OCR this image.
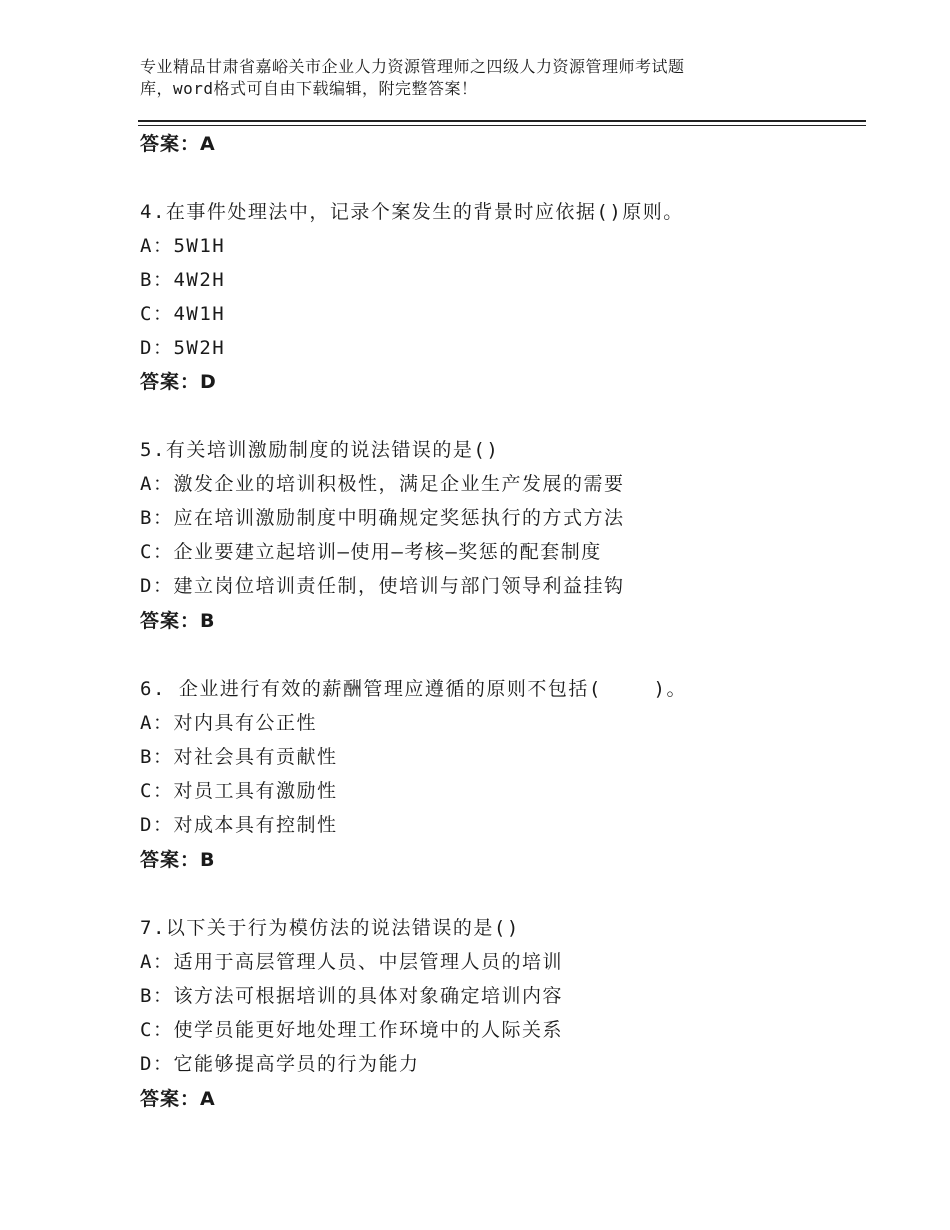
专业精品甘肃省嘉峪关市企业人力资源管理师之四级人力资源管理师考试题
库，word格式可自由下载编辑，附完整答案！
答案：A
4.在事件处理法中，记录个案发生的背景时应依据()原则。
A：5W1H
B：4W2H
C：4W1H
D：5W2H
答案：D
5.有关培训激励制度的说法错误的是()
A：激发企业的培训积极性，满足企业生产发展的需要
B：应在培训激励制度中明确规定奖惩执行的方式方法
C：企业要建立起培训—使用—考核—奖惩的配套制度
D：建立岗位培训责任制，使培训与部门领导利益挂钩
答案：B
6. 企业进行有效的薪酬管理应遵循的原则不包括(    )。
A：对内具有公正性
B：对社会具有贡献性
C：对员工具有激励性
D：对成本具有控制性
答案：B
7.以下关于行为模仿法的说法错误的是()
A：适用于高层管理人员、中层管理人员的培训
B：该方法可根据培训的具体对象确定培训内容
C：使学员能更好地处理工作环境中的人际关系
D：它能够提高学员的行为能力
答案：A
